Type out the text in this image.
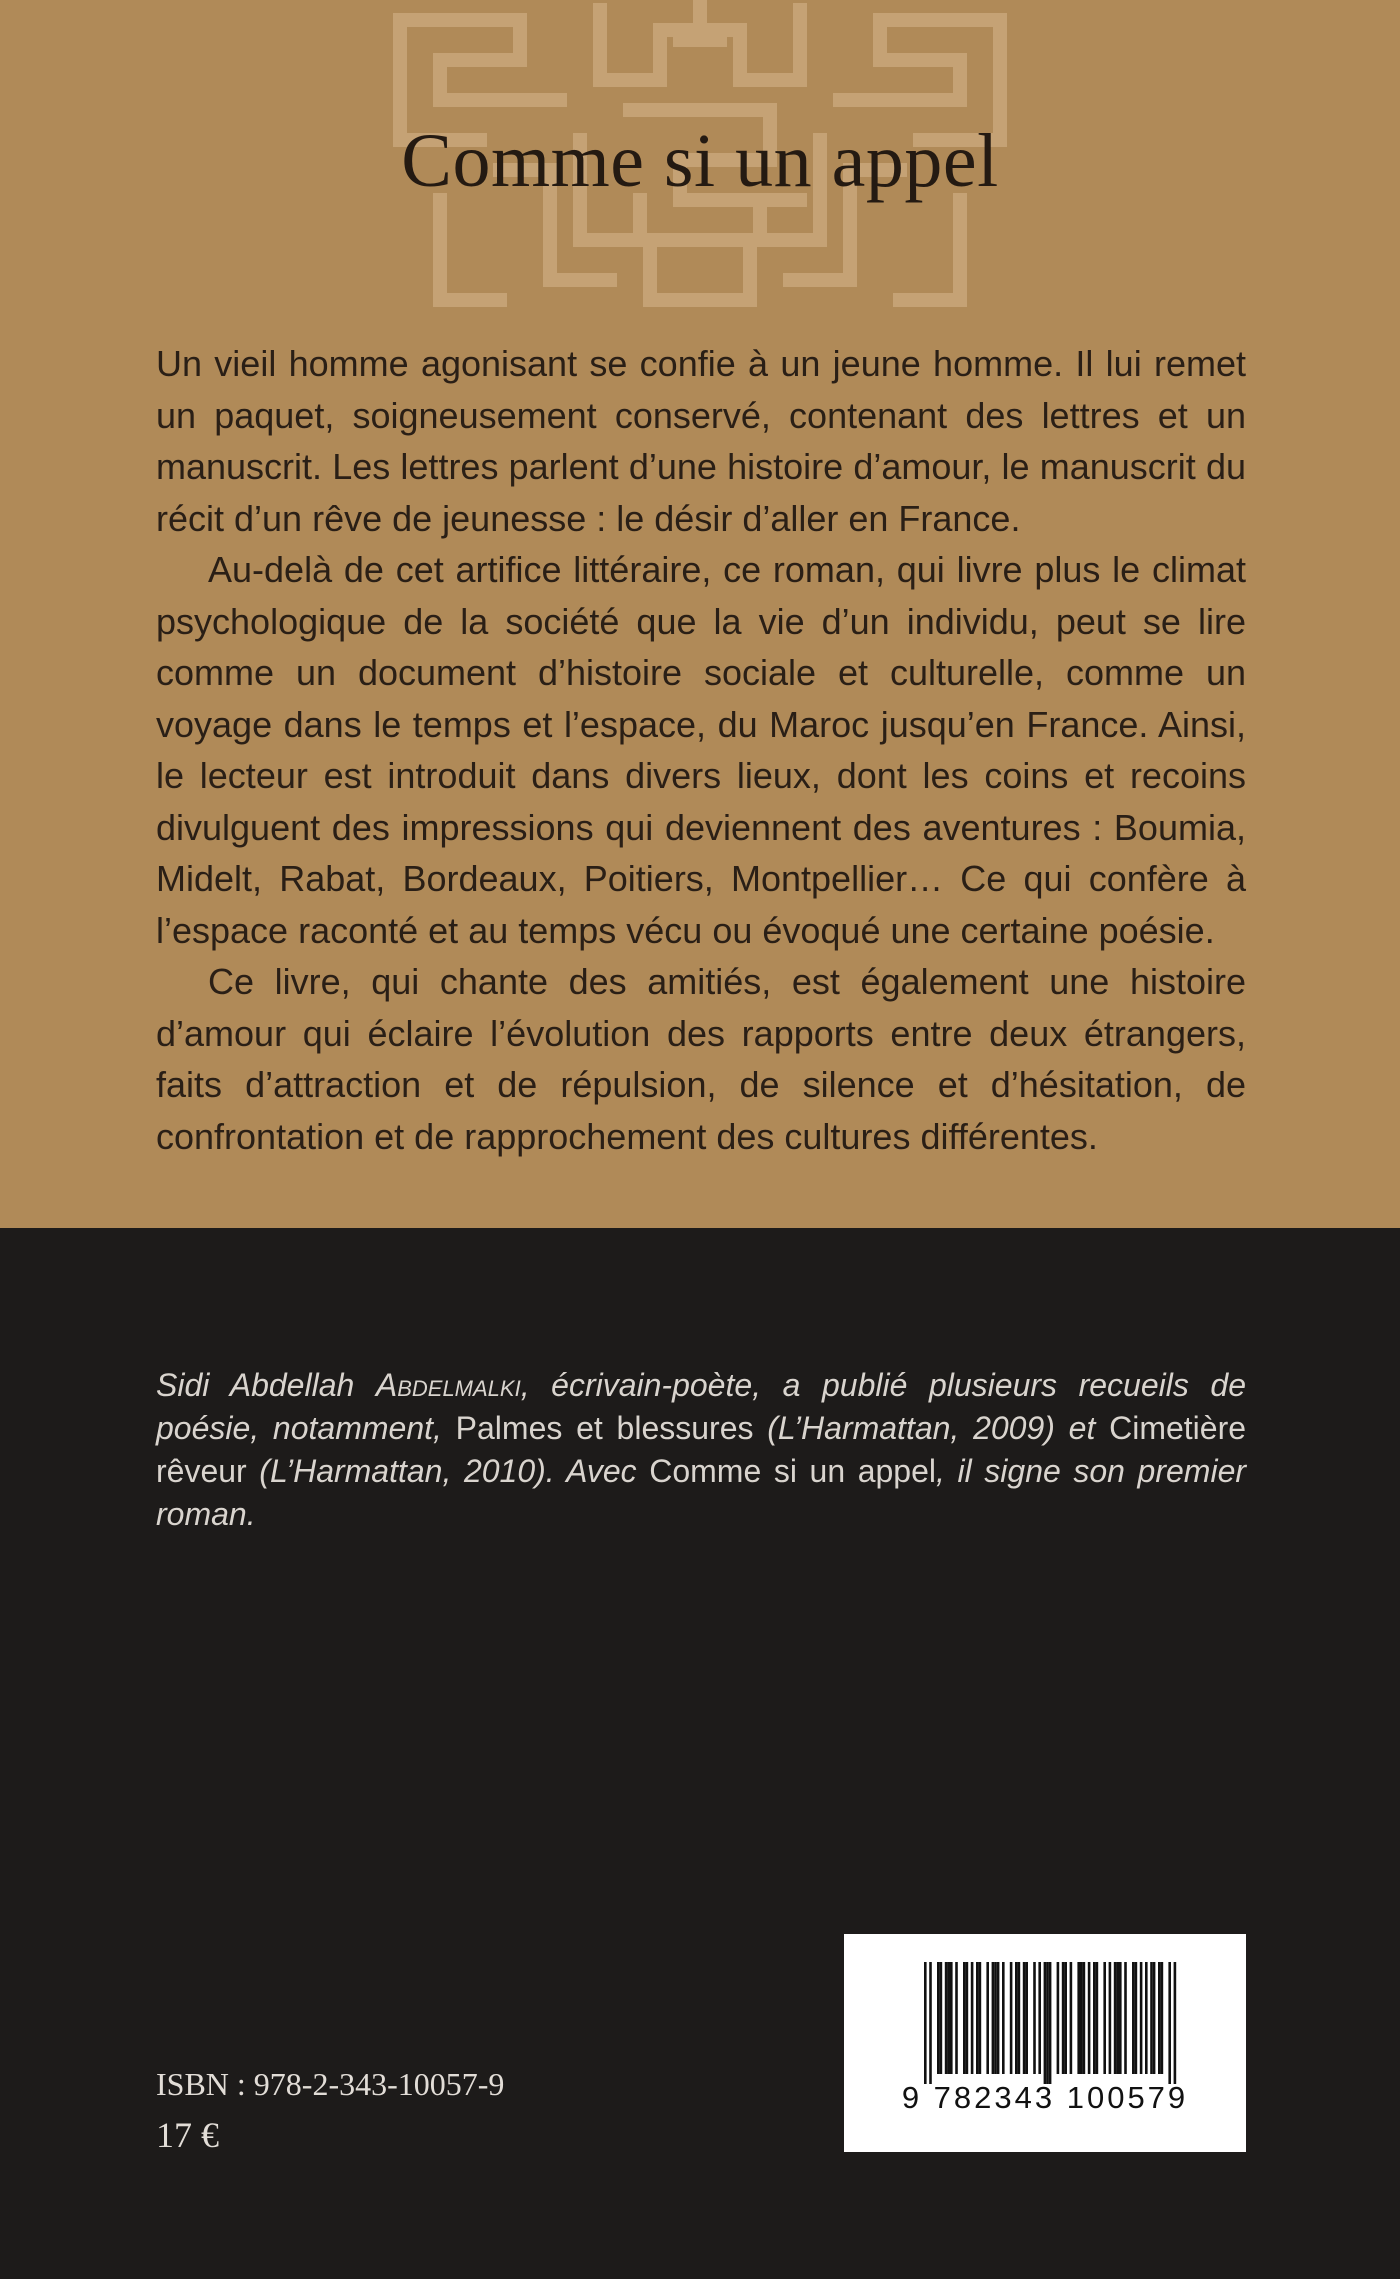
Comme si un appel

Un vieil homme agonisant se confie à un jeune homme. Il lui remet un paquet, soigneusement conservé, contenant des lettres et un manuscrit. Les lettres parlent d’une histoire d’amour, le manuscrit du récit d’un rêve de jeunesse : le désir d’aller en France.

Au-delà de cet artifice littéraire, ce roman, qui livre plus le climat psychologique de la société que la vie d’un individu, peut se lire comme un document d’histoire sociale et culturelle, comme un voyage dans le temps et l’espace, du Maroc jusqu’en France. Ainsi, le lecteur est introduit dans divers lieux, dont les coins et recoins divulguent des impressions qui deviennent des aventures : Boumia, Midelt, Rabat, Bordeaux, Poitiers, Montpellier… Ce qui confère à l’espace raconté et au temps vécu ou évoqué une certaine poésie.

Ce livre, qui chante des amitiés, est également une histoire d’amour qui éclaire l’évolution des rapports entre deux étrangers, faits d’attraction et de répulsion, de silence et d’hésitation, de confrontation et de rapprochement des cultures différentes.

Sidi Abdellah Abdelmalki, écrivain-poète, a publié plusieurs recueils de poésie, notamment, Palmes et blessures (L’Harmattan, 2009) et Cimetière rêveur (L’Harmattan, 2010). Avec Comme si un appel, il signe son premier roman.
ISBN : 978-2-343-10057-9
17 €
9 782343 100579
